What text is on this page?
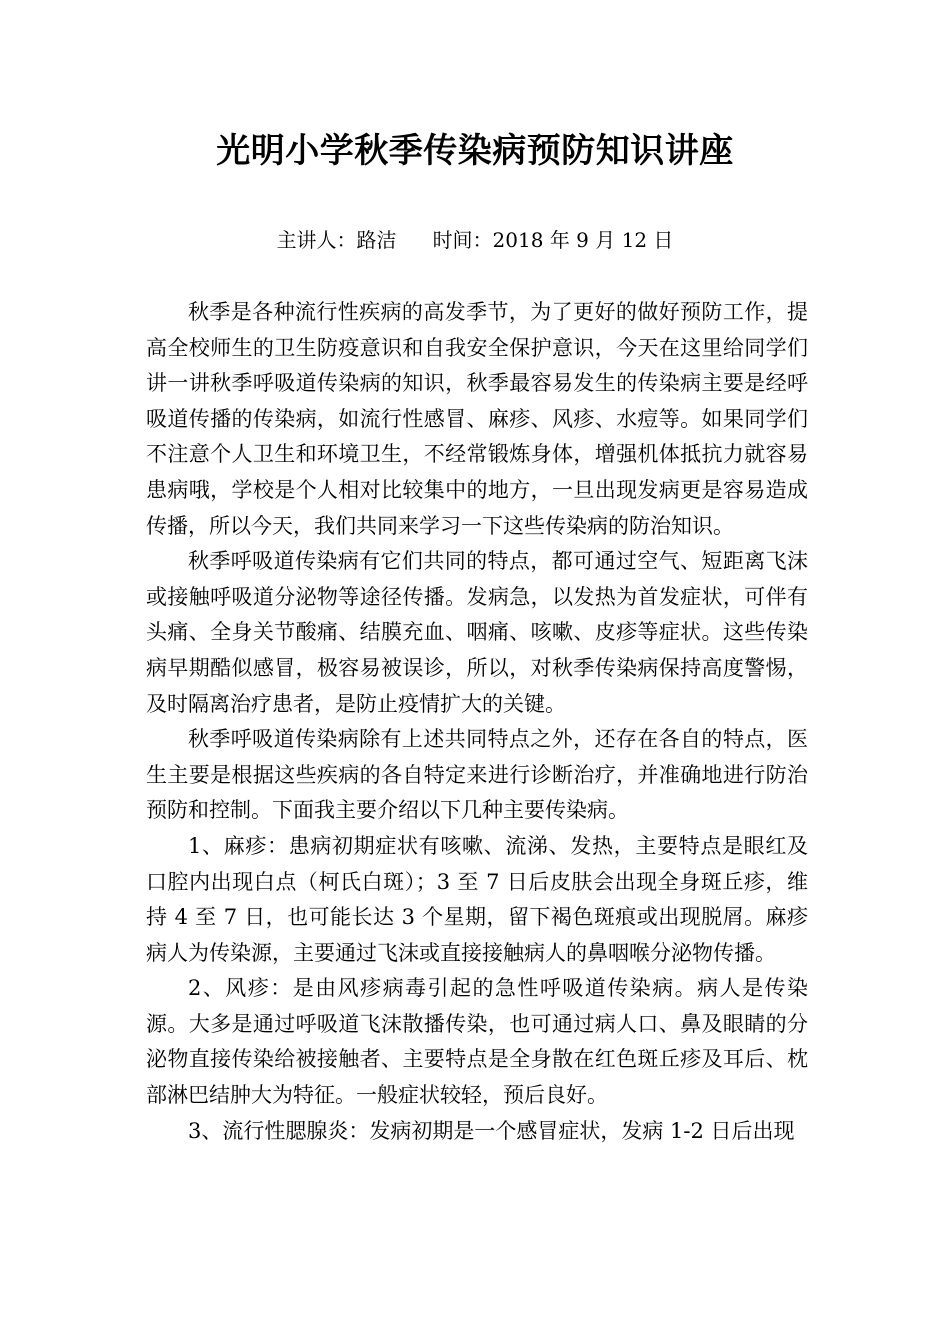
光明小学秋季传染病预防知识讲座

主讲人：路洁 时间：2018 年 9 月 12 日

秋季是各种流行性疾病的高发季节，为了更好的做好预防工作，提高全校师生的卫生防疫意识和自我安全保护意识，今天在这里给同学们讲一讲秋季呼吸道传染病的知识，秋季最容易发生的传染病主要是经呼吸道传播的传染病，如流行性感冒、麻疹、风疹、水痘等。如果同学们不注意个人卫生和环境卫生，不经常锻炼身体，增强机体抵抗力就容易患病哦，学校是个人相对比较集中的地方，一旦出现发病更是容易造成传播，所以今天，我们共同来学习一下这些传染病的防治知识。

秋季呼吸道传染病有它们共同的特点，都可通过空气、短距离飞沫或接触呼吸道分泌物等途径传播。发病急，以发热为首发症状，可伴有头痛、全身关节酸痛、结膜充血、咽痛、咳嗽、皮疹等症状。这些传染病早期酷似感冒，极容易被误诊，所以，对秋季传染病保持高度警惕，及时隔离治疗患者，是防止疫情扩大的关键。

秋季呼吸道传染病除有上述共同特点之外，还存在各自的特点，医生主要是根据这些疾病的各自特定来进行诊断治疗，并准确地进行防治预防和控制。下面我主要介绍以下几种主要传染病。

1、麻疹：患病初期症状有咳嗽、流涕、发热，主要特点是眼红及口腔内出现白点（柯氏白斑）；3 至 7 日后皮肤会出现全身斑丘疹，维持 4 至 7 日，也可能长达 3 个星期，留下褐色斑痕或出现脱屑。麻疹病人为传染源，主要通过飞沫或直接接触病人的鼻咽喉分泌物传播。

2、风疹：是由风疹病毒引起的急性呼吸道传染病。病人是传染源。大多是通过呼吸道飞沫散播传染，也可通过病人口、鼻及眼睛的分泌物直接传染给被接触者、主要特点是全身散在红色斑丘疹及耳后、枕部淋巴结肿大为特征。一般症状较轻，预后良好。

3、流行性腮腺炎：发病初期是一个感冒症状，发病 1-2 日后出现
